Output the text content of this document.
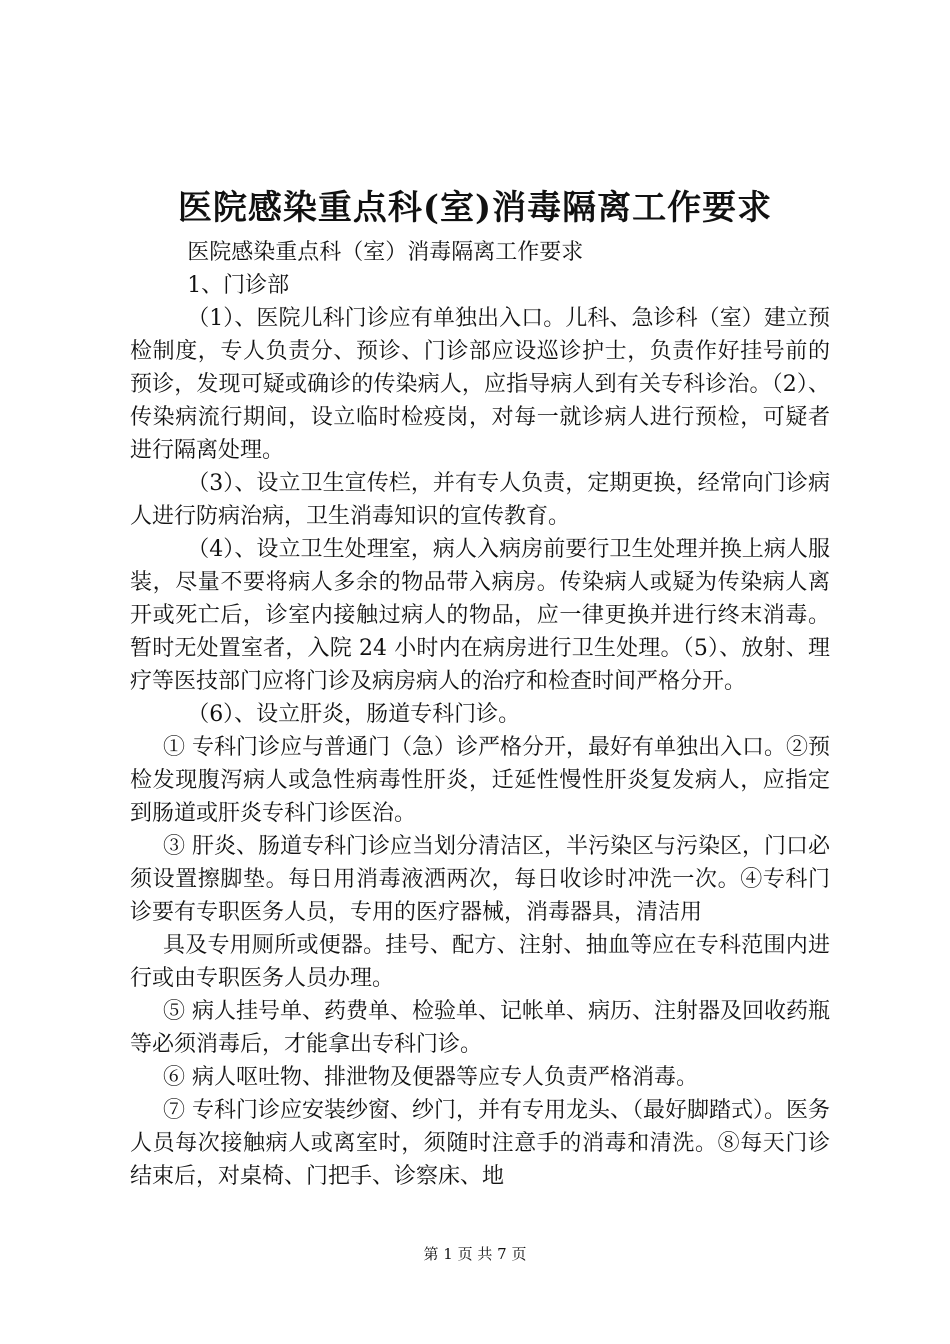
医院感染重点科(室)消毒隔离工作要求

医院感染重点科（室）消毒隔离工作要求

1、门诊部

（1）、医院儿科门诊应有单独出入口。儿科、急诊科（室）建立预检制度，专人负责分、预诊、门诊部应设巡诊护士，负责作好挂号前的预诊，发现可疑或确诊的传染病人，应指导病人到有关专科诊治。（2）、传染病流行期间，设立临时检疫岗，对每一就诊病人进行预检，可疑者进行隔离处理。

（3）、设立卫生宣传栏，并有专人负责，定期更换，经常向门诊病人进行防病治病，卫生消毒知识的宣传教育。

（4）、设立卫生处理室，病人入病房前要行卫生处理并换上病人服装，尽量不要将病人多余的物品带入病房。传染病人或疑为传染病人离开或死亡后，诊室内接触过病人的物品，应一律更换并进行终末消毒。暂时无处置室者，入院 24 小时内在病房进行卫生处理。（5）、放射、理疗等医技部门应将门诊及病房病人的治疗和检查时间严格分开。

（6）、设立肝炎，肠道专科门诊。

① 专科门诊应与普通门（急）诊严格分开，最好有单独出入口。②预检发现腹泻病人或急性病毒性肝炎，迁延性慢性肝炎复发病人，应指定到肠道或肝炎专科门诊医治。

③ 肝炎、肠道专科门诊应当划分清洁区，半污染区与污染区，门口必须设置擦脚垫。每日用消毒液洒两次，每日收诊时冲洗一次。④专科门诊要有专职医务人员，专用的医疗器械，消毒器具，清洁用

具及专用厕所或便器。挂号、配方、注射、抽血等应在专科范围内进行或由专职医务人员办理。

⑤ 病人挂号单、药费单、检验单、记帐单、病历、注射器及回收药瓶等必须消毒后，才能拿出专科门诊。

⑥ 病人呕吐物、排泄物及便器等应专人负责严格消毒。

⑦ 专科门诊应安装纱窗、纱门，并有专用龙头、（最好脚踏式）。医务人员每次接触病人或离室时，须随时注意手的消毒和清洗。⑧每天门诊结束后，对桌椅、门把手、诊察床、地

第 1 页 共 7 页
